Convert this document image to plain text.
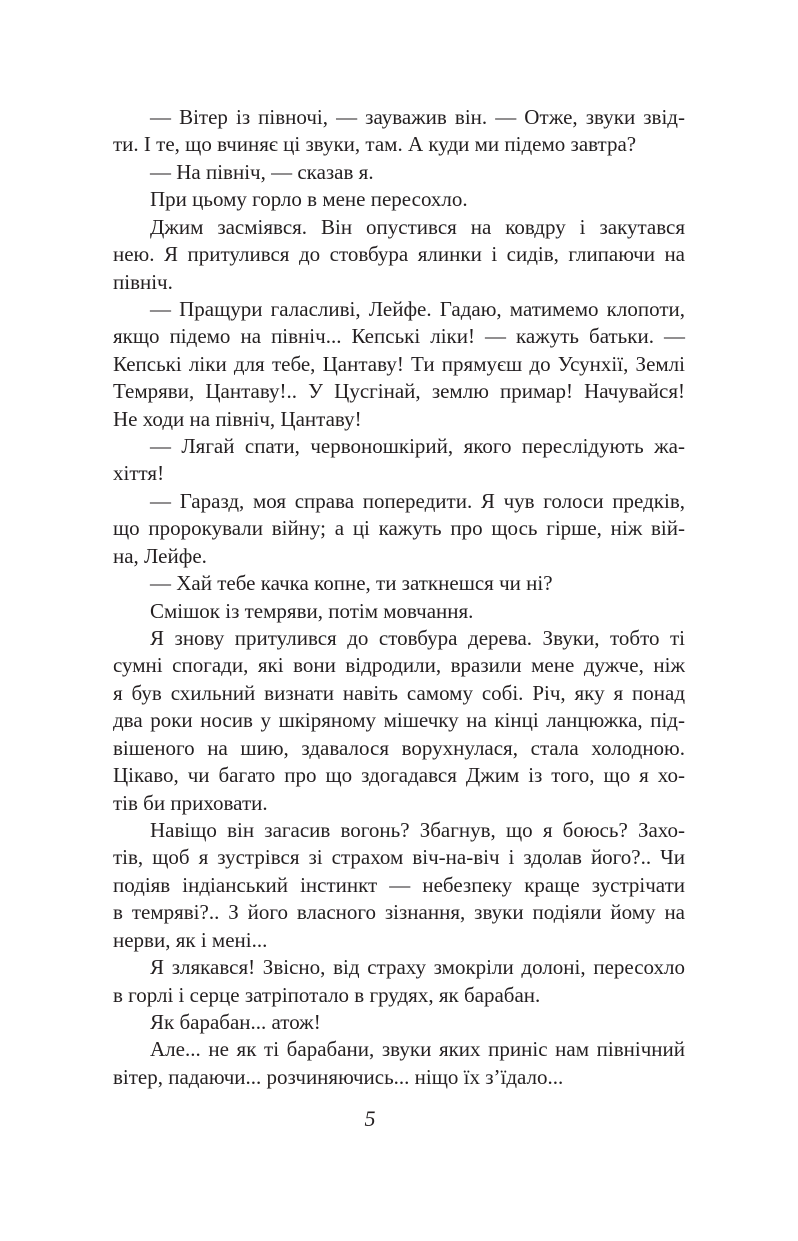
— Вітер із півночі, — зауважив він. — Отже, звуки звід-
ти. І те, що вчиняє ці звуки, там. А куди ми підемо завтра?
— На північ, — сказав я.
При цьому горло в мене пересохло.
Джим засміявся. Він опустився на ковдру і закутався
нею. Я притулився до стовбура ялинки і сидів, глипаючи на
північ.
— Пращури галасливі, Лейфе. Гадаю, матимемо клопоти,
якщо підемо на північ... Кепські ліки! — кажуть батьки. —
Кепські ліки для тебе, Цантаву! Ти прямуєш до Усунхії, Землі
Темряви, Цантаву!.. У Цусгінай, землю примар! Начувайся!
Не ходи на північ, Цантаву!
— Лягай спати, червоношкірий, якого переслідують жа-
хіття!
— Гаразд, моя справа попередити. Я чув голоси предків,
що пророкували війну; а ці кажуть про щось гірше, ніж вій-
на, Лейфе.
— Хай тебе качка копне, ти заткнешся чи ні?
Смішок із темряви, потім мовчання.
Я знову притулився до стовбура дерева. Звуки, тобто ті
сумні спогади, які вони відродили, вразили мене дужче, ніж
я був схильний визнати навіть самому собі. Річ, яку я понад
два роки носив у шкіряному мішечку на кінці ланцюжка, під-
вішеного на шию, здавалося ворухнулася, стала холодною.
Цікаво, чи багато про що здогадався Джим із того, що я хо-
тів би приховати.
Навіщо він загасив вогонь? Збагнув, що я боюсь? Захо-
тів, щоб я зустрівся зі страхом віч-на-віч і здолав його?.. Чи
подіяв індіанський інстинкт — небезпеку краще зустрічати
в темряві?.. З його власного зізнання, звуки подіяли йому на
нерви, як і мені...
Я злякався! Звісно, від страху змокріли долоні, пересохло
в горлі і серце затріпотало в грудях, як барабан.
Як барабан... атож!
Але... не як ті барабани, звуки яких приніс нам північний
вітер, падаючи... розчиняючись... ніщо їх з’їдало...
5
